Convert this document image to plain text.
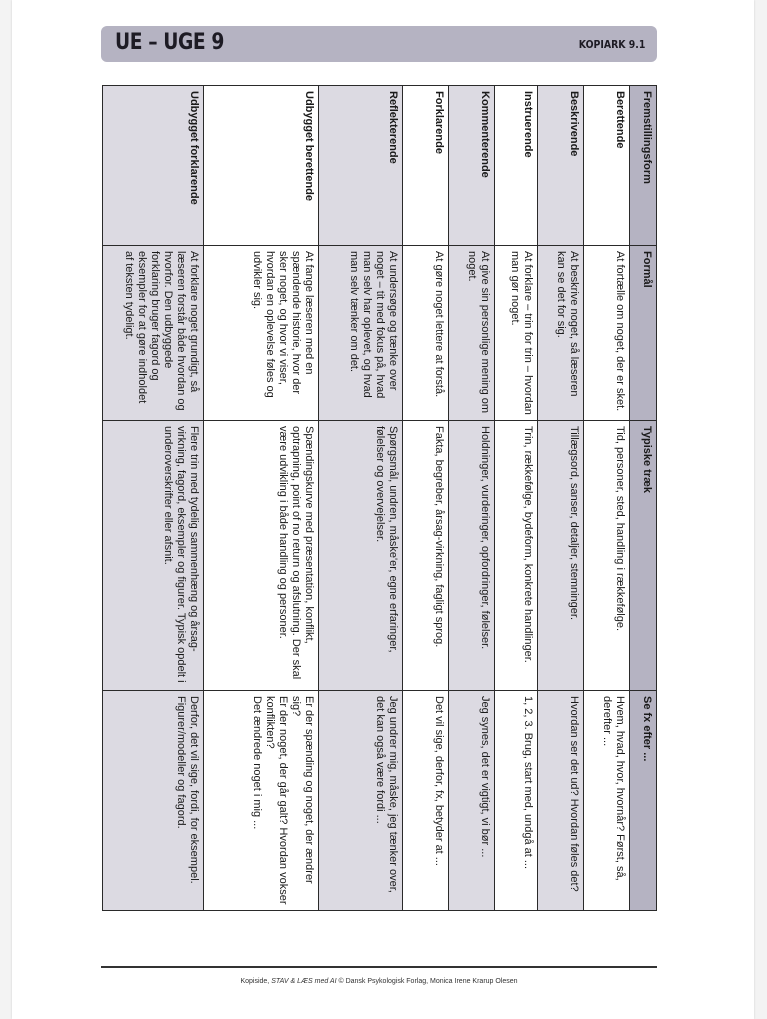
UE – UGE 9	KOPIARK 9.1
Fremstillingsform	Formål	Typiske træk	Se fx efter ...
Berettende	At fortælle om noget, der er sket.	Tid, personer, sted, handling i rækkefølge.	Hvem, hvad, hvor, hvornår? Først, så, derefter ...
Beskrivende	At beskrive noget, så læseren kan se det for sig.	Tillægsord, sanser, detaljer, stemninger.	Hvordan ser det ud? Hvordan føles det?
Instruerende	At forklare – trin for trin – hvordan man gør noget.	Trin, rækkefølge, bydeform, konkrete handlinger.	1, 2, 3. Brug, start med, undgå at ...
Kommenterende	At give sin personlige mening om noget.	Holdninger, vurderinger, opfordringer, følelser.	Jeg synes, det er vigtigt, vi bør ...
Forklarende	At gøre noget lettere at forstå.	Fakta, begreber, årsag-virkning, fagligt sprog.	Det vil sige, derfor, fx, betyder at ...
Reflekterende	At undersøge og tænke over noget – tit med fokus på, hvad man selv har oplevet, og hvad man selv tænker om det.	Spørgsmål, undren, måske'er, egne erfaringer, følelser og overvejelser.	Jeg undrer mig, måske, jeg tænker over, det kan også være fordi ...
Udbygget berettende	At fange læseren med en spændende historie, hvor der sker noget, og hvor vi viser, hvordan en oplevelse føles og udvikler sig.	Spændingskurve med præsentation, konflikt, optrapning, point of no return og afslutning. Der skal være udvikling i både handling og personer.	Er der spænding og noget, der ændrer sig?
Er der noget, der går galt? Hvordan vokser konflikten?
Det ændrede noget i mig ...

Udbygget forklarende	At forklare noget grundigt, så læseren forstår både hvordan og hvorfor. Den udbyggede forklaring bruger fagord og eksempler for at gøre indholdet af teksten tydeligt.	Flere trin med tydelig sammenhæng og årsag-virkning, fagord, eksempler og figurer. Typisk opdelt i underoverskrifter eller afsnit.	Derfor, det vil sige, fordi, for eksempel. Figurer/modeller og fagord.
Kopiside, STAV & LÆS med AI © Dansk Psykologisk Forlag, Monica Irene Krarup Olesen
